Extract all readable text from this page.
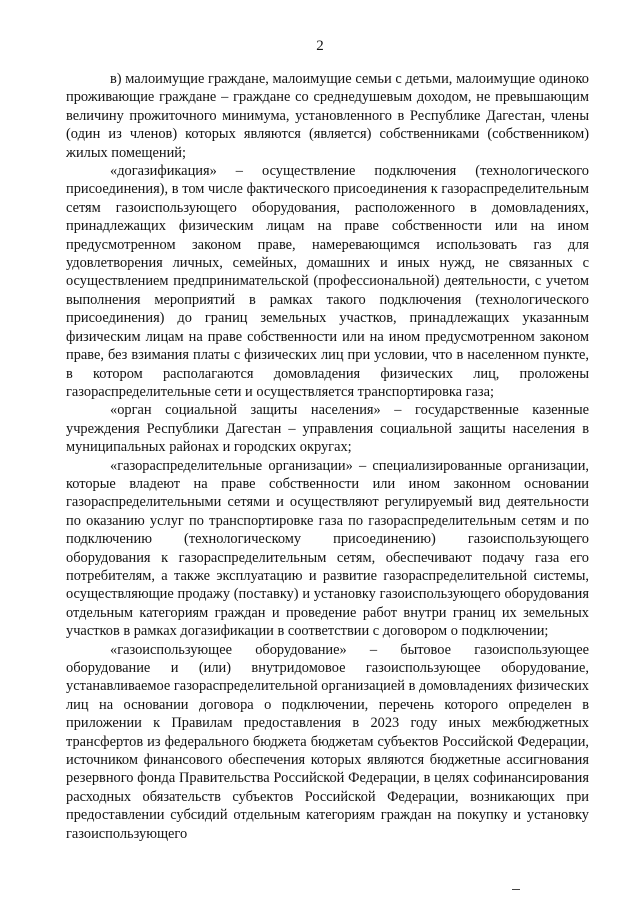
2

в) малоимущие граждане, малоимущие семьи с детьми, малоимущие одиноко проживающие граждане – граждане со среднедушевым доходом, не превышающим величину прожиточного минимума, установленного в Республике Дагестан, члены (один из членов) которых являются (является) собственниками (собственником) жилых помещений;

«догазификация» – осуществление подключения (технологического присоединения), в том числе фактического присоединения к газораспределительным сетям газоиспользующего оборудования, расположенного в домовладениях, принадлежащих физическим лицам на праве собственности или на ином предусмотренном законом праве, намеревающимся использовать газ для удовлетворения личных, семейных, домашних и иных нужд, не связанных с осуществлением предпринимательской (профессиональной) деятельности, с учетом выполнения мероприятий в рамках такого подключения (технологического присоединения) до границ земельных участков, принадлежащих указанным физическим лицам на праве собственности или на ином предусмотренном законом праве, без взимания платы с физических лиц при условии, что в населенном пункте, в котором располагаются домовладения физических лиц, проложены газораспределительные сети и осуществляется транспортировка газа;

«орган социальной защиты населения» – государственные казенные учреждения Республики Дагестан – управления социальной защиты населения в муниципальных районах и городских округах;

«газораспределительные организации» – специализированные организации, которые владеют на праве собственности или ином законном основании газораспределительными сетями и осуществляют регулируемый вид деятельности по оказанию услуг по транспортировке газа по газораспределительным сетям и по подключению (технологическому присоединению) газоиспользующего оборудования к газораспределительным сетям, обеспечивают подачу газа его потребителям, а также эксплуатацию и развитие газораспределительной системы, осуществляющие продажу (поставку) и установку газоиспользующего оборудования отдельным категориям граждан и проведение работ внутри границ их земельных участков в рамках догазификации в соответствии с договором о подключении;

«газоиспользующее оборудование» – бытовое газоиспользующее оборудование и (или) внутридомовое газоиспользующее оборудование, устанавливаемое газораспределительной организацией в домовладениях физических лиц на основании договора о подключении, перечень которого определен в приложении к Правилам предоставления в 2023 году иных межбюджетных трансфертов из федерального бюджета бюджетам субъектов Российской Федерации, источником финансового обеспечения которых являются бюджетные ассигнования резервного фонда Правительства Российской Федерации, в целях софинансирования расходных обязательств субъектов Российской Федерации, возникающих при предоставлении субсидий отдельным категориям граждан на покупку и установку газоиспользующего
